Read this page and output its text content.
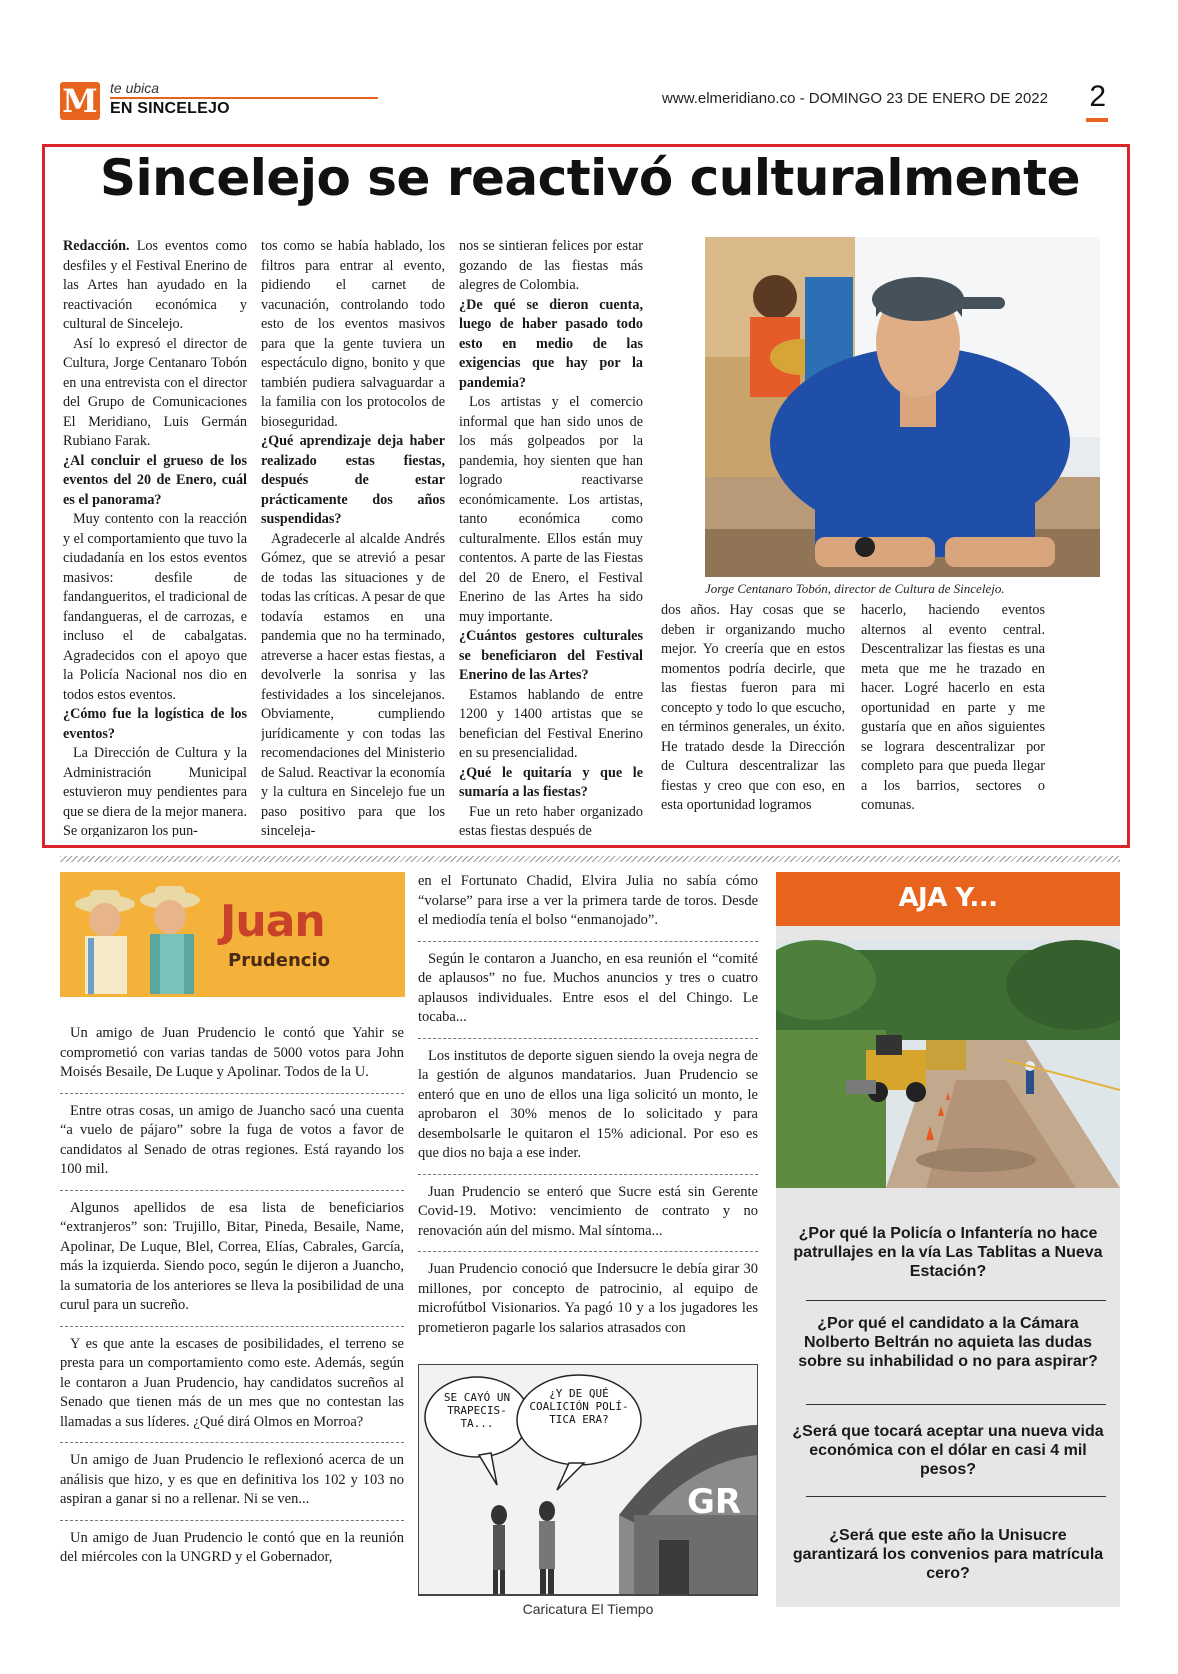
M te ubica
EN SINCELEJO
www.elmeridiano.co - DOMINGO 23 DE ENERO DE 2022 2
Sincelejo se reactivó culturalmente

Redacción. Los eventos como desfiles y el Festival Enerino de las Artes han ayudado en la reactivación económica y cultural de Sincelejo.

Así lo expresó el director de Cultura, Jorge Centanaro Tobón en una entrevista con el director del Grupo de Comunicaciones El Meridiano, Luis Germán Rubiano Farak.

¿Al concluir el grueso de los eventos del 20 de Enero, cuál es el panorama?

Muy contento con la reacción y el comportamiento que tuvo la ciudadanía en los estos eventos masivos: desfile de fandangueritos, el tradicional de fandangueras, el de carrozas, e incluso el de cabalgatas. Agradecidos con el apoyo que la Policía Nacional nos dio en todos estos eventos.

¿Cómo fue la logística de los eventos?

La Dirección de Cultura y la Administración Municipal estuvieron muy pendientes para que se diera de la mejor manera. Se organizaron los pun-

tos como se había hablado, los filtros para entrar al evento, pidiendo el carnet de vacunación, controlando todo esto de los eventos masivos para que la gente tuviera un espectáculo digno, bonito y que también pudiera salvaguardar a la familia con los protocolos de bioseguridad.

¿Qué aprendizaje deja haber realizado estas fiestas, después de estar prácticamente dos años suspendidas?

Agradecerle al alcalde Andrés Gómez, que se atrevió a pesar de todas las situaciones y de todas las críticas. A pesar de que todavía estamos en una pandemia que no ha terminado, atreverse a hacer estas fiestas, a devolverle la sonrisa y las festividades a los sincelejanos. Obviamente, cumpliendo jurídicamente y con todas las recomendaciones del Ministerio de Salud. Reactivar la economía y la cultura en Sincelejo fue un paso positivo para que los sinceleja-

nos se sintieran felices por estar gozando de las fiestas más alegres de Colombia.

¿De qué se dieron cuenta, luego de haber pasado todo esto en medio de las exigencias que hay por la pandemia?

Los artistas y el comercio informal que han sido unos de los más golpeados por la pandemia, hoy sienten que han logrado reactivarse económicamente. Los artistas, tanto económica como culturalmente. Ellos están muy contentos. A parte de las Fiestas del 20 de Enero, el Festival Enerino de las Artes ha sido muy importante.

¿Cuántos gestores culturales se beneficiaron del Festival Enerino de las Artes?

Estamos hablando de entre 1200 y 1400 artistas que se benefician del Festival Enerino en su presencialidad.

¿Qué le quitaría y que le sumaría a las fiestas?

Fue un reto haber organizado estas fiestas después de

Jorge Centanaro Tobón, director de Cultura de Sincelejo.

dos años. Hay cosas que se deben ir organizando mucho mejor. Yo creería que en estos momentos podría decirle, que las fiestas fueron para mi concepto y todo lo que escucho, en términos generales, un éxito. He tratado desde la Dirección de Cultura descentralizar las fiestas y creo que con eso, en esta oportunidad logramos

hacerlo, haciendo eventos alternos al evento central. Descentralizar las fiestas es una meta que me he trazado en hacer. Logré hacerlo en esta oportunidad en parte y me gustaría que en años siguientes se lograra descentralizar por completo para que pueda llegar a los barrios, sectores o comunas.

Juan
Prudencio

Un amigo de Juan Prudencio le contó que Yahir se comprometió con varias tandas de 5000 votos para John Moisés Besaile, De Luque y Apolinar. Todos de la U.

Entre otras cosas, un amigo de Juancho sacó una cuenta “a vuelo de pájaro” sobre la fuga de votos a favor de candidatos al Senado de otras regiones. Está rayando los 100 mil.

Algunos apellidos de esa lista de beneficiarios “extranjeros” son: Trujillo, Bitar, Pineda, Besaile, Name, Apolinar, De Luque, Blel, Correa, Elías, Cabrales, García, más la izquierda. Siendo poco, según le dijeron a Juancho, la sumatoria de los anteriores se lleva la posibilidad de una curul para un sucreño.

Y es que ante la escases de posibilidades, el terreno se presta para un comportamiento como este. Además, según le contaron a Juan Prudencio, hay candidatos sucreños al Senado que tienen más de un mes que no contestan las llamadas a sus líderes. ¿Qué dirá Olmos en Morroa?

Un amigo de Juan Prudencio le reflexionó acerca de un análisis que hizo, y es que en definitiva los 102 y 103 no aspiran a ganar si no a rellenar. Ni se ven...

Un amigo de Juan Prudencio le contó que en la reunión del miércoles con la UNGRD y el Gobernador,

en el Fortunato Chadid, Elvira Julia no sabía cómo “volarse” para irse a ver la primera tarde de toros. Desde el mediodía tenía el bolso “enmanojado”.

Según le contaron a Juancho, en esa reunión el “comité de aplausos” no fue. Muchos anuncios y tres o cuatro aplausos individuales. Entre esos el del Chingo. Le tocaba...

Los institutos de deporte siguen siendo la oveja negra de la gestión de algunos mandatarios. Juan Prudencio se enteró que en uno de ellos una liga solicitó un monto, le aprobaron el 30% menos de lo solicitado y para desembolsarle le quitaron el 15% adicional. Por eso es que dios no baja a ese inder.

Juan Prudencio se enteró que Sucre está sin Gerente Covid-19. Motivo: vencimiento de contrato y no renovación aún del mismo. Mal síntoma...

Juan Prudencio conoció que Indersucre le debía girar 30 millones, por concepto de patrocinio, al equipo de microfútbol Visionarios. Ya pagó 10 y a los jugadores les prometieron pagarle los salarios atrasados con

GR
SE CAYÓ UN TRAPECIS-TA...
¿Y DE QUÉ COALICIÓN POLÍ-TICA ERA?
Caricatura El Tiempo
AJA Y...
¿Por qué la Policía o Infantería no hace patrullajes en la vía Las Tablitas a Nueva Estación?
¿Por qué el candidato a la Cámara Nolberto Beltrán no aquieta las dudas sobre su inhabilidad o no para aspirar?
¿Será que tocará aceptar una nueva vida económica con el dólar en casi 4 mil pesos?
¿Será que este año la Unisucre garantizará los convenios para matrícula cero?
